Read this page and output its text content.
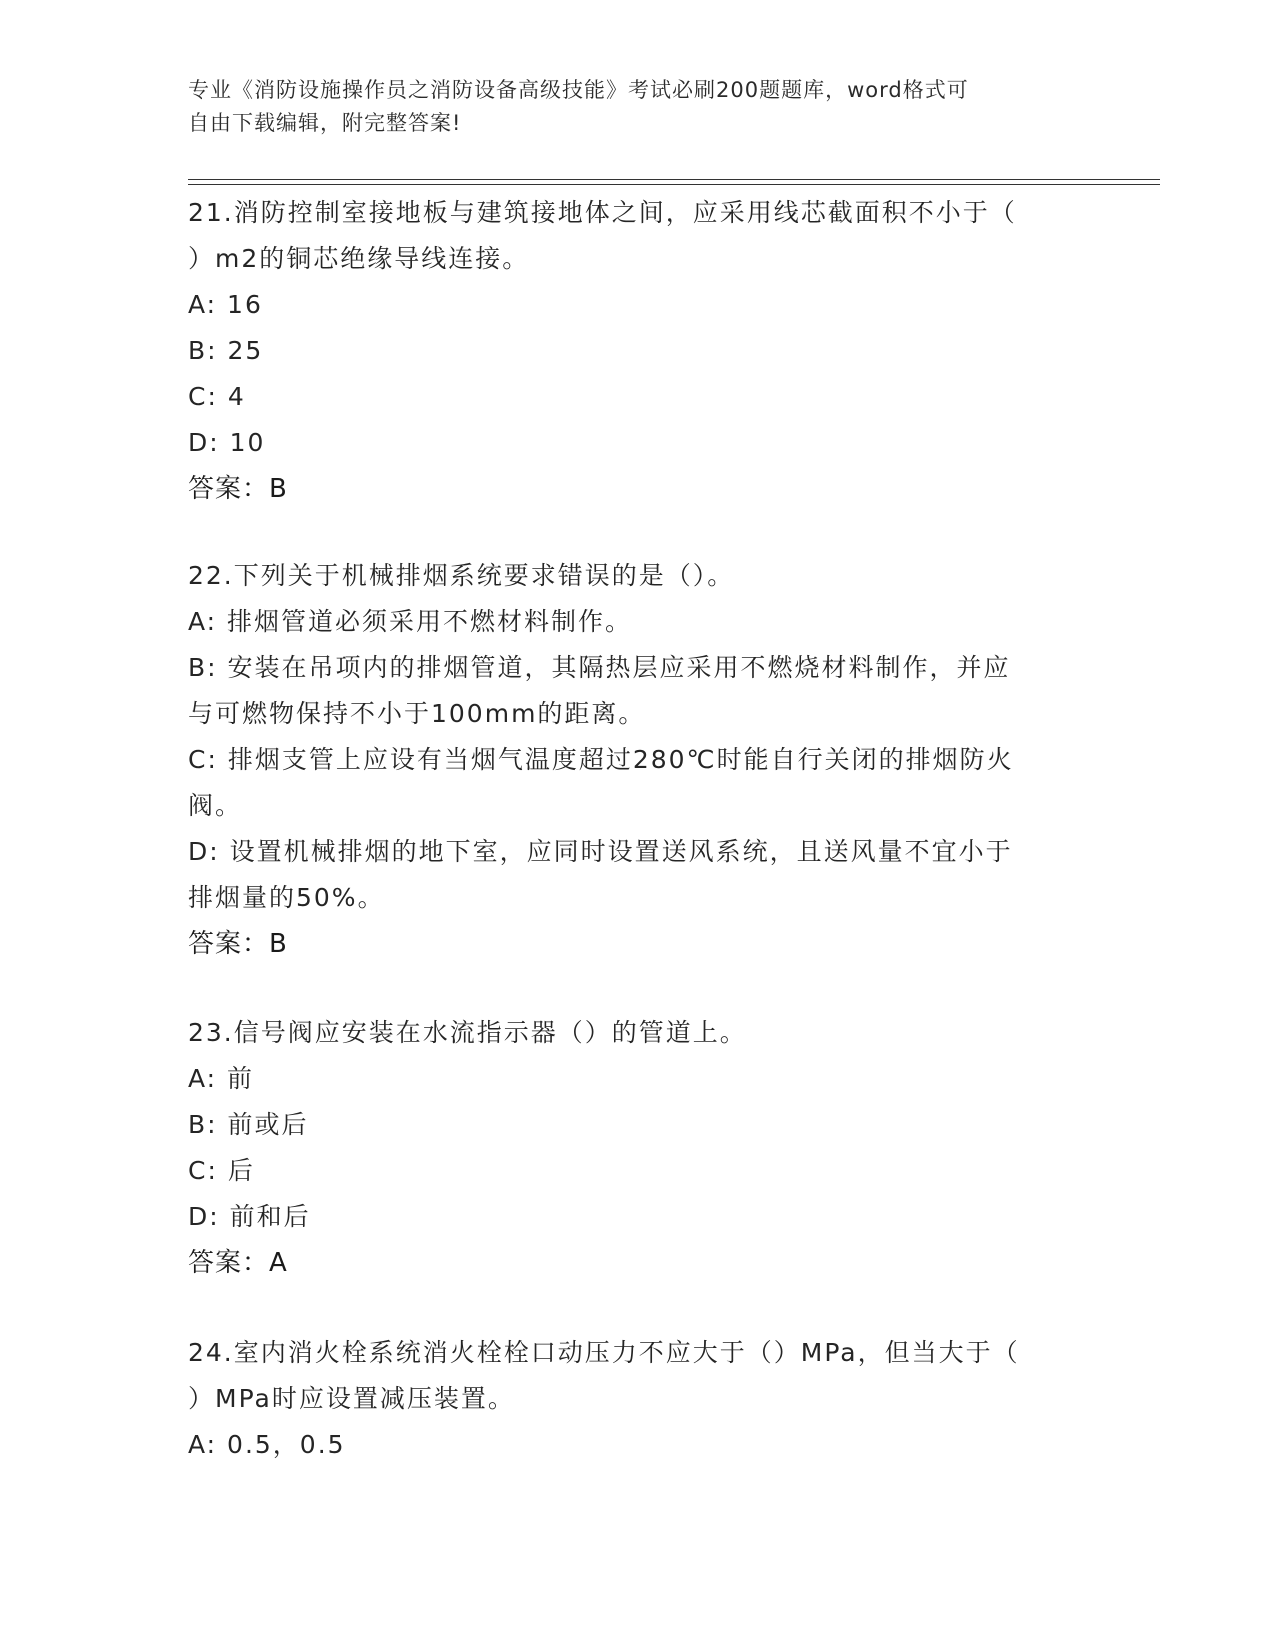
专业《消防设施操作员之消防设备高级技能》考试必刷200题题库，word格式可
自由下载编辑，附完整答案!
21.消防控制室接地板与建筑接地体之间，应采用线芯截面积不小于（
）m2的铜芯绝缘导线连接。
A: 16
B: 25
C: 4
D: 10
答案：B
22.下列关于机械排烟系统要求错误的是（）。
A: 排烟管道必须采用不燃材料制作。
B: 安装在吊项内的排烟管道，其隔热层应采用不燃烧材料制作，并应
与可燃物保持不小于100mm的距离。
C: 排烟支管上应设有当烟气温度超过280℃时能自行关闭的排烟防火
阀。
D: 设置机械排烟的地下室，应同时设置送风系统，且送风量不宜小于
排烟量的50%。
答案：B
23.信号阀应安装在水流指示器（）的管道上。
A: 前
B: 前或后
C: 后
D: 前和后
答案：A
24.室内消火栓系统消火栓栓口动压力不应大于（）MPa，但当大于（
）MPa时应设置减压装置。
A: 0.5，0.5
